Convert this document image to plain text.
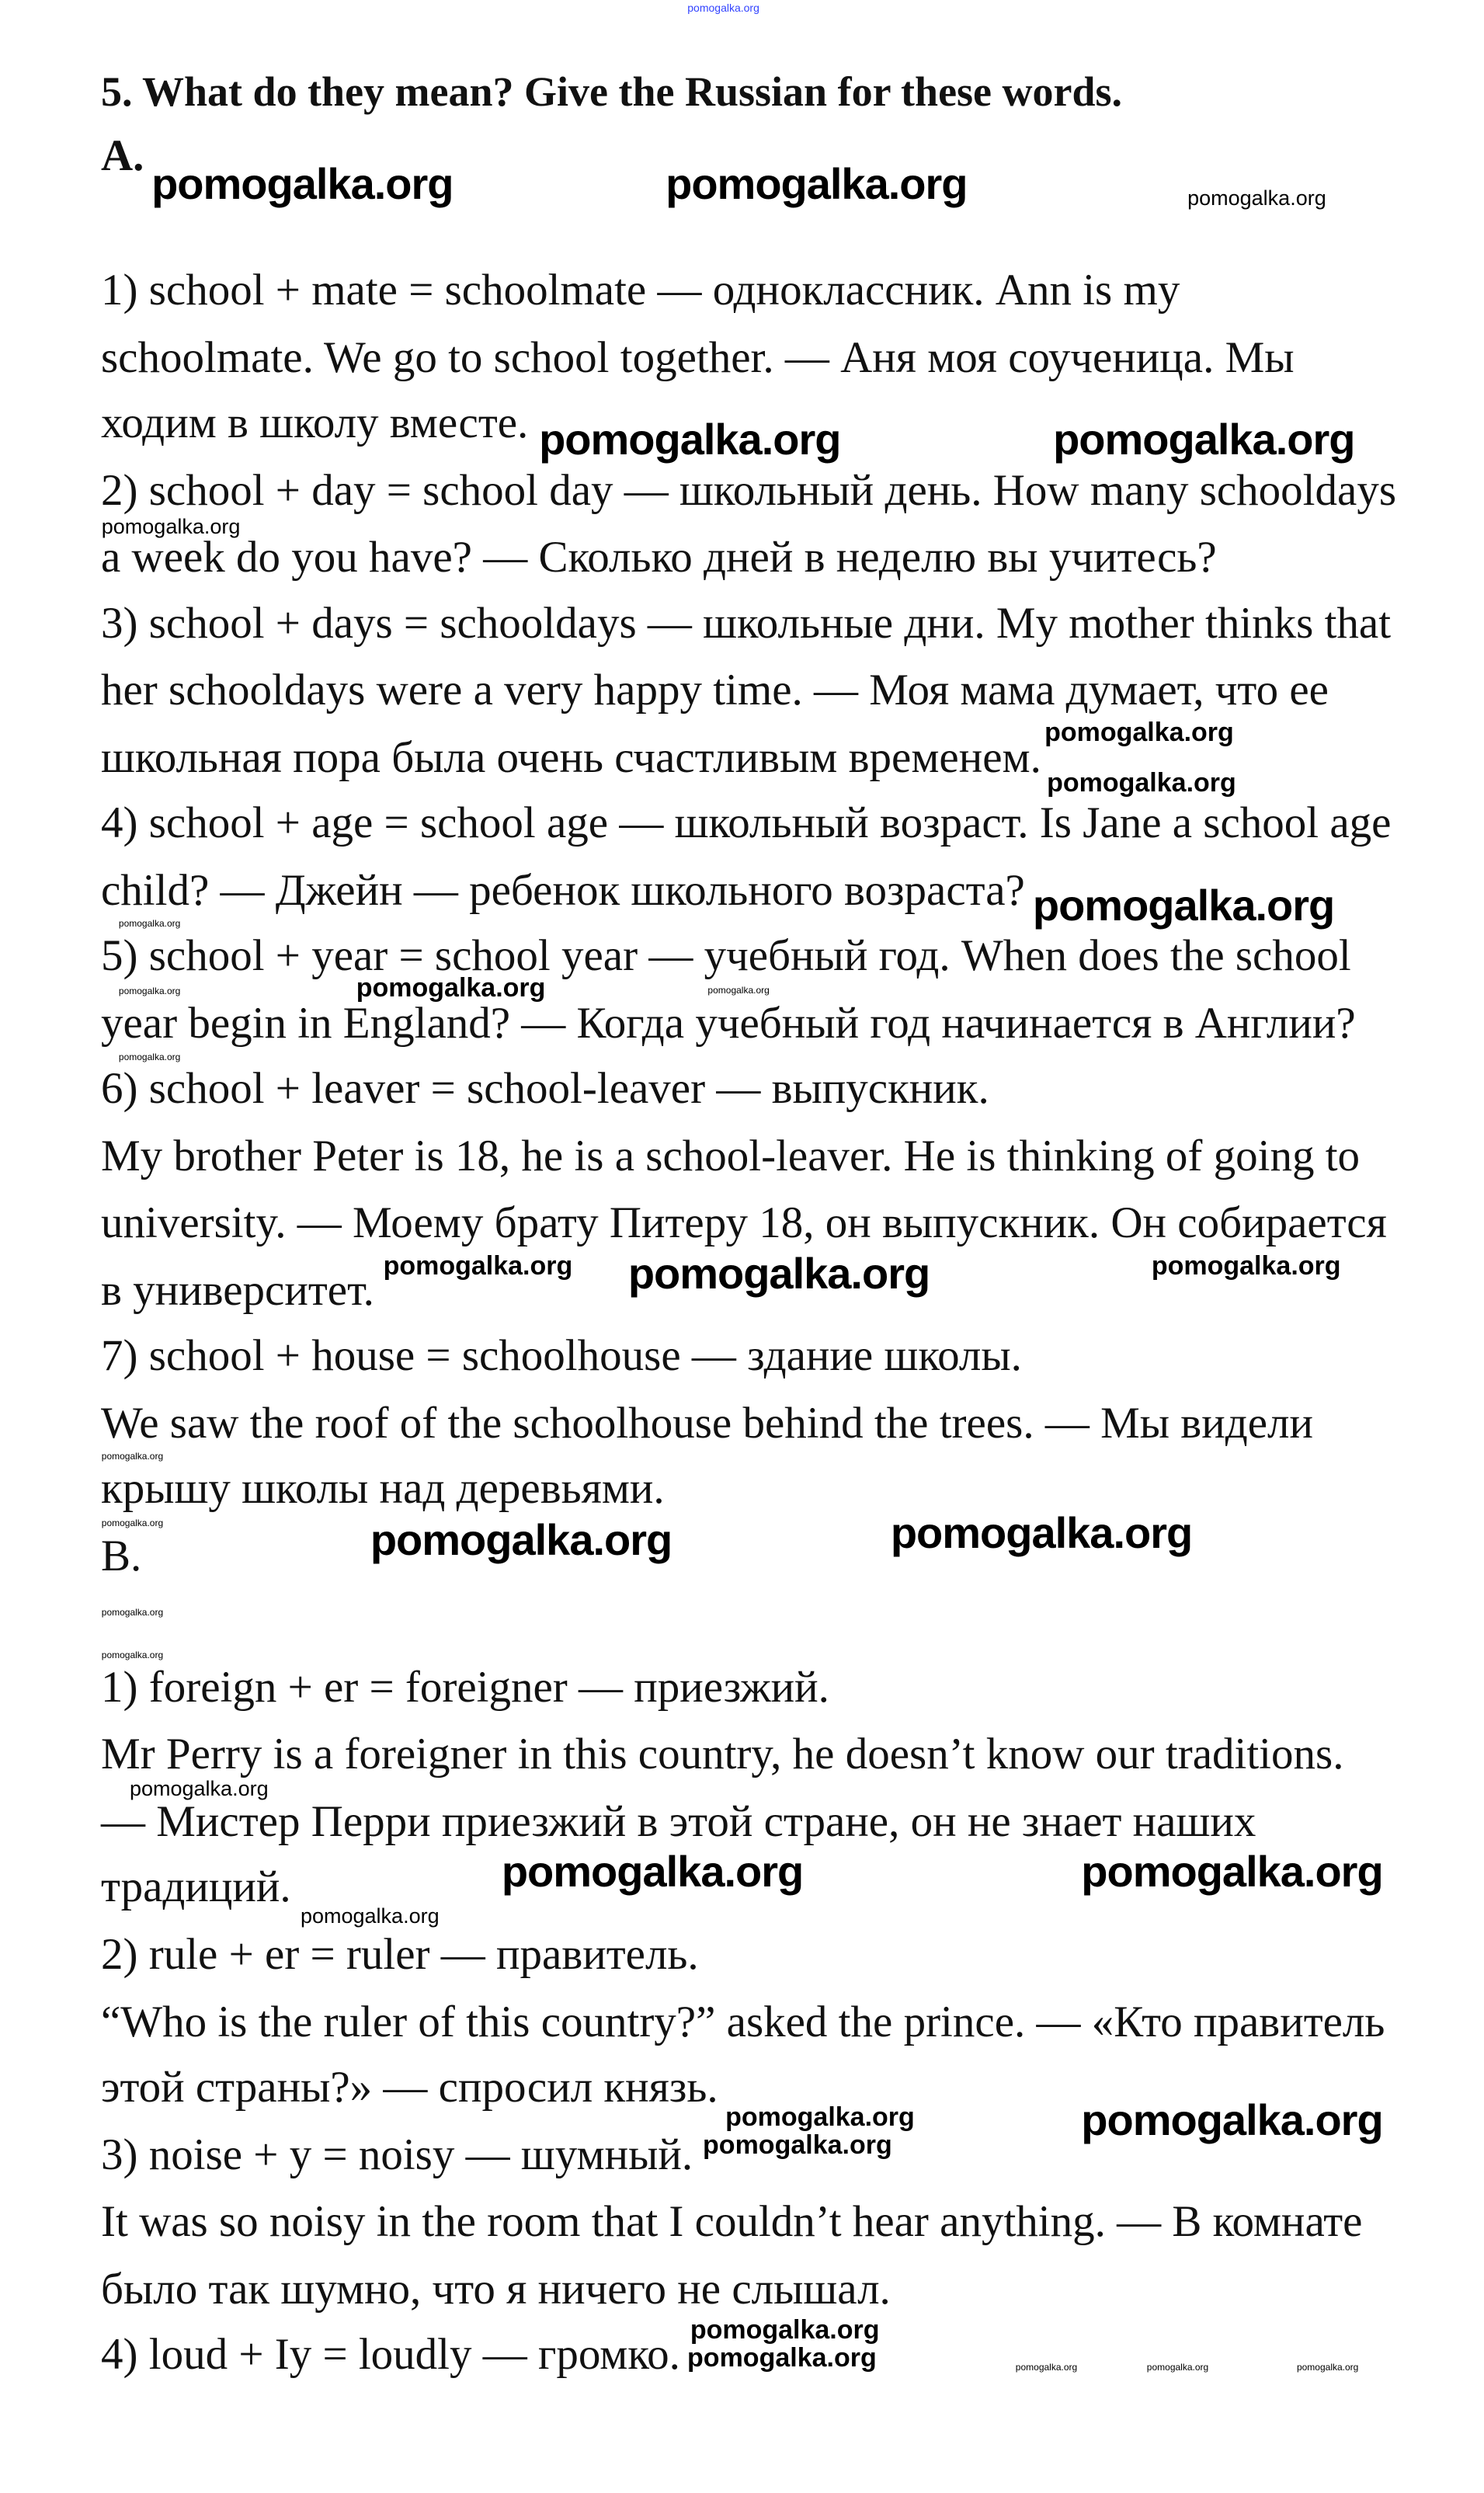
5. What do they mean? Give the Russian for these words.
A.
1) school + mate = schoolmate — одноклассник. Ann is my
schoolmate. We go to school together. — Аня моя соученица. Мы
ходим в школу вместе.
2) school + day = school day — школьный день. How many schooldays
a week do you have? — Сколько дней в неделю вы учитесь?
3) school + days = schooldays — школьные дни. My mother thinks that
her schooldays were a very happy time. — Моя мама думает, что ее
школьная пора была очень счастливым временем.
4) school + age = school age — школьный возраст. Is Jane a school age
child? — Джейн — ребенок школьного возраста?
5) school + year = school year — учебный год. When does the school
year begin in England? — Когда учебный год начинается в Англии?
6) school + leaver = school-leaver — выпускник.
My brother Peter is 18, he is a school-leaver. He is thinking of going to
university. — Моему брату Питеру 18, он выпускник. Он собирается
в университет.
7) school + house = schoolhouse — здание школы.
We saw the roof of the schoolhouse behind the trees. — Мы видели
крышу школы над деревьями.
B.
1) foreign + er = foreigner — приезжий.
Mr Perry is a foreigner in this country, he doesn’t know our traditions.
— Мистер Перри приезжий в этой стране, он не знает наших
традиций.
2) rule + er = ruler — правитель.
“Who is the ruler of this country?” asked the prince. — «Кто правитель
этой страны?» — спросил князь.
3) noise + y = noisy — шумный.
It was so noisy in the room that I couldn’t hear anything. — В комнате
было так шумно, что я ничего не слышал.
4) loud + Iy = loudly — громко.
pomogalka.org
pomogalka.org	pomogalka.org	pomogalka.org
pomogalka.org	pomogalka.org
pomogalka.org
pomogalka.org
pomogalka.org
pomogalka.org
pomogalka.org
pomogalka.org	pomogalka.org	pomogalka.org
pomogalka.org
pomogalka.org pomogalka.org	pomogalka.org
pomogalka.org
pomogalka.org	pomogalka.org	pomogalka.org
pomogalka.org
pomogalka.org
pomogalka.org
pomogalka.org	pomogalka.org
pomogalka.org
pomogalka.org
pomogalka.org
pomogalka.org
pomogalka.org
pomogalka.org	pomogalka.org	pomogalka.org	pomogalka.org
